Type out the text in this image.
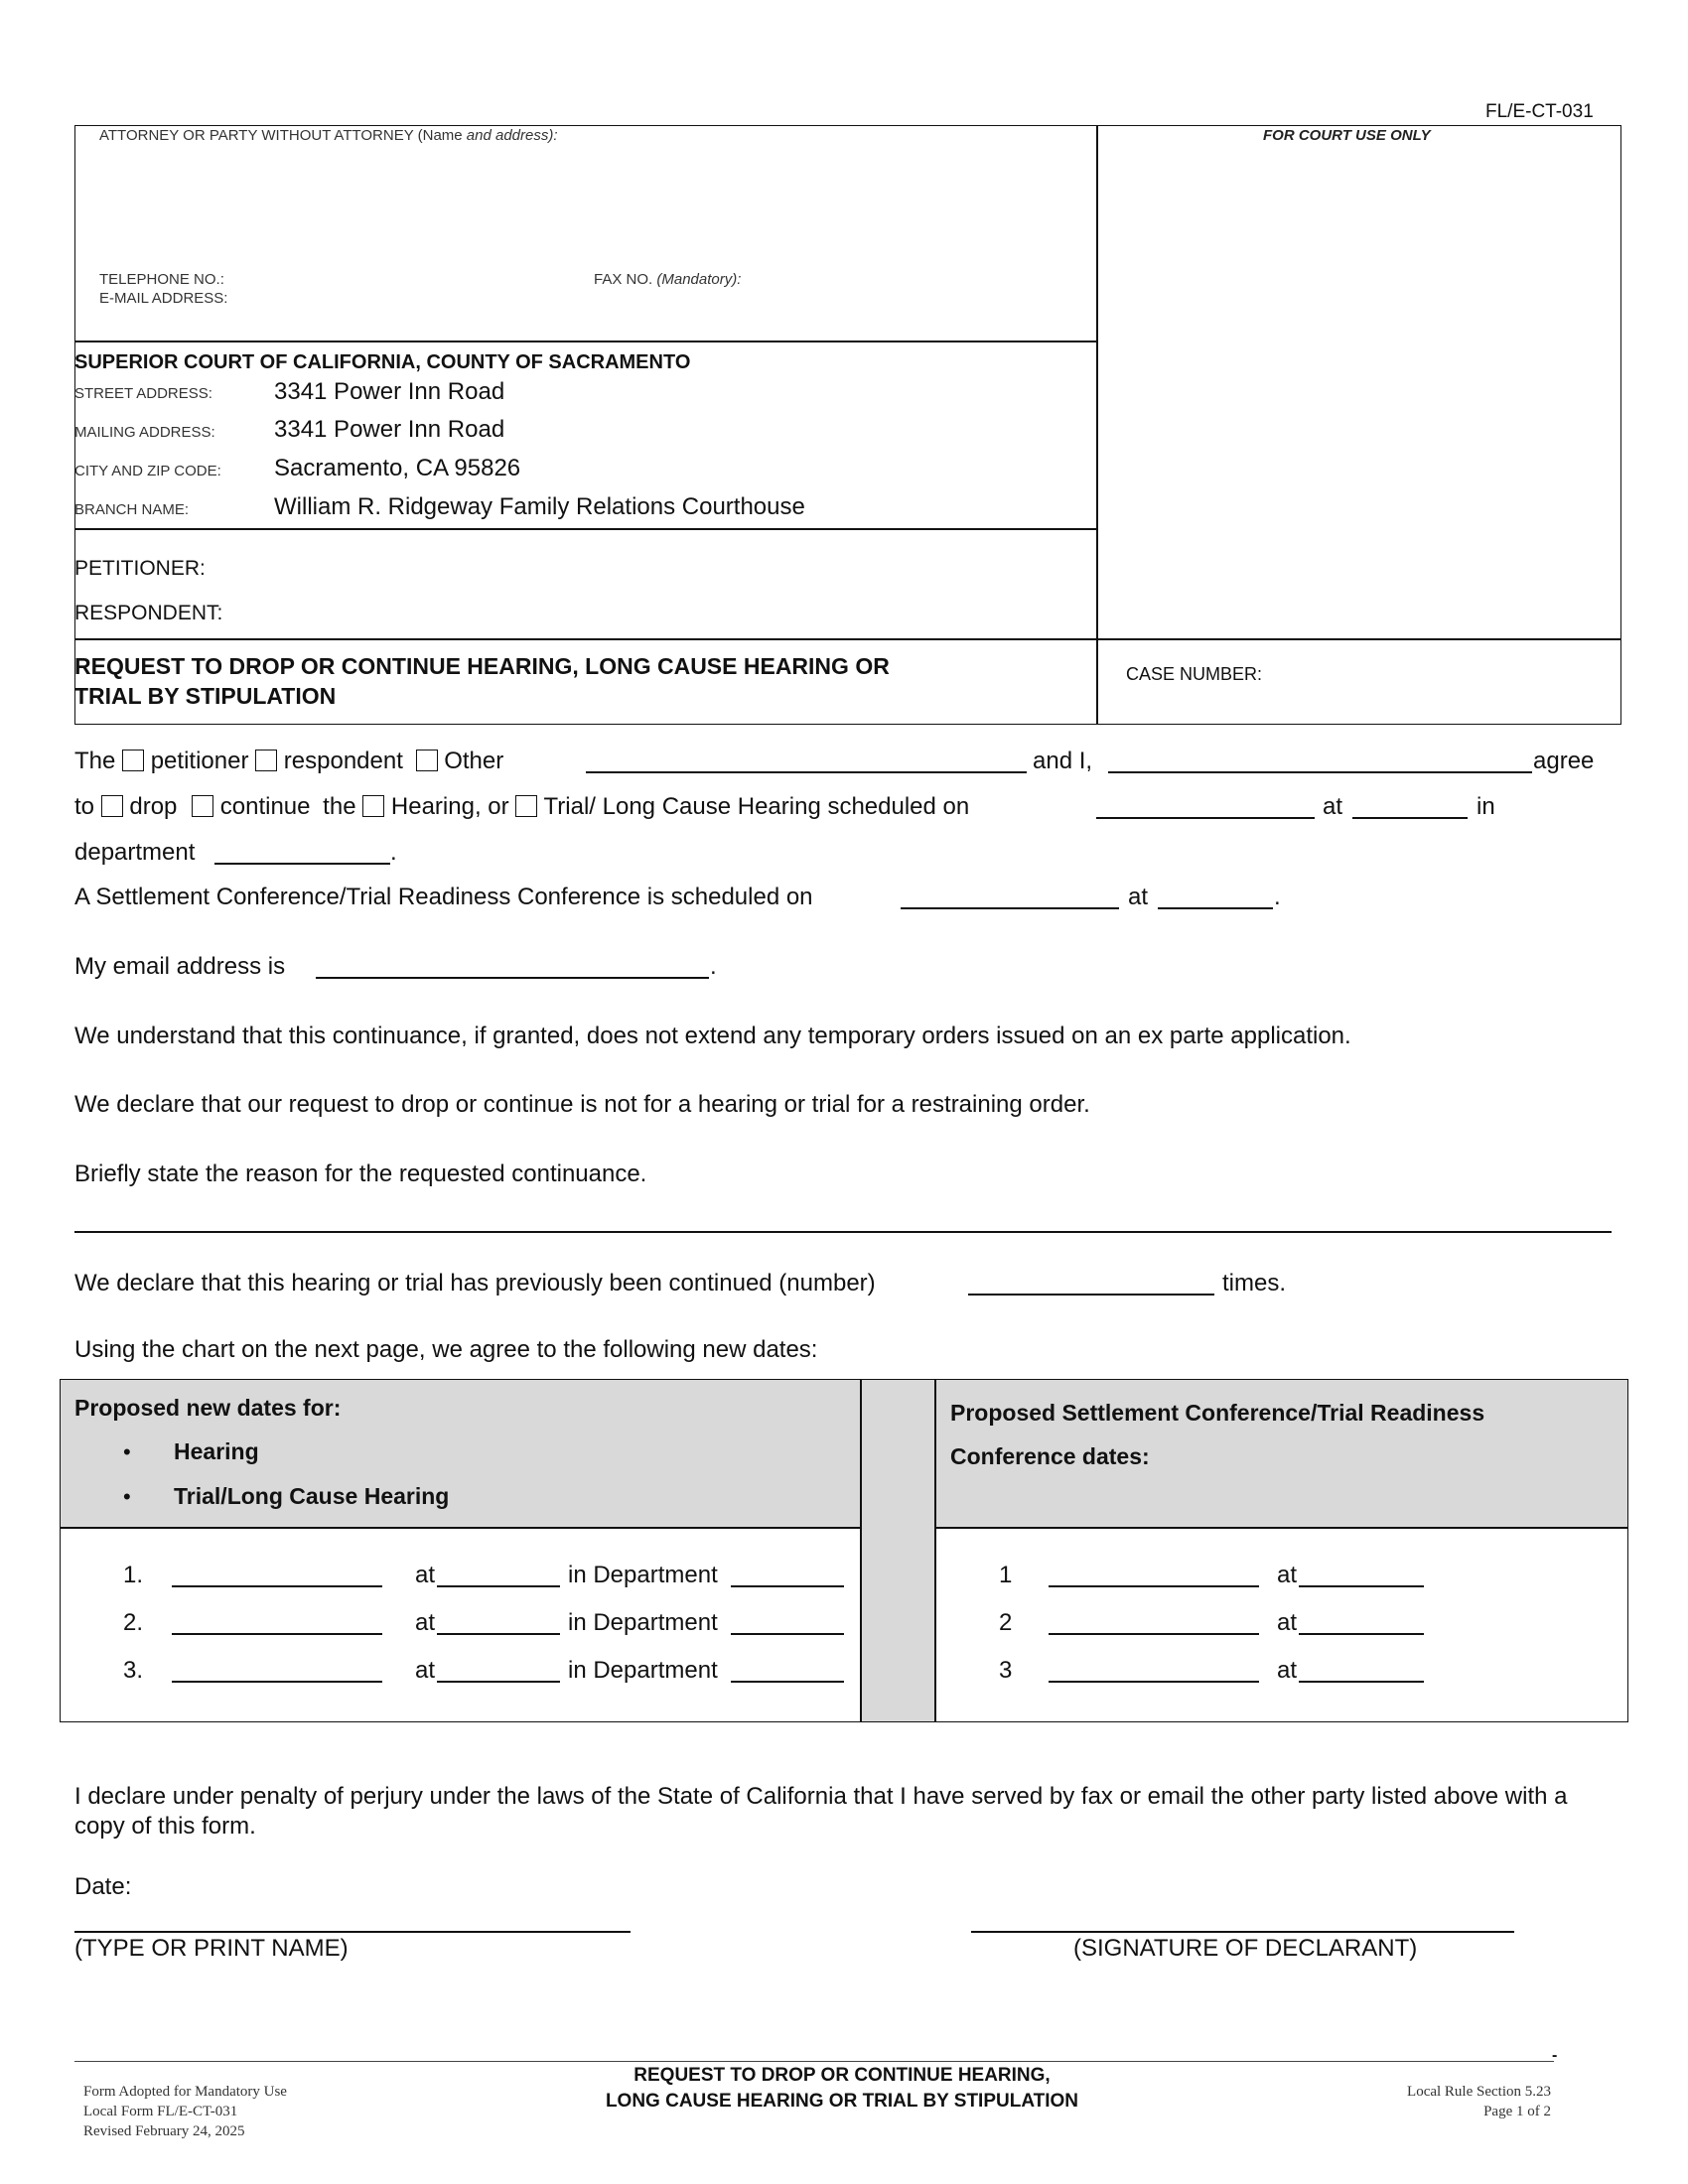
FL/E-CT-031
ATTORNEY OR PARTY WITHOUT ATTORNEY (Name and address):	FOR COURT USE ONLY
TELEPHONE NO.:
E-MAIL ADDRESS:
FAX NO. (Mandatory):
SUPERIOR COURT OF CALIFORNIA, COUNTY OF SACRAMENTO
STREET ADDRESS:	3341 Power Inn Road
MAILING ADDRESS: 3341 Power Inn Road
CITY AND ZIP CODE: Sacramento, CA 95826
BRANCH NAME:	William R. Ridgeway Family Relations Courthouse
PETITIONER:
RESPONDENT:
REQUEST TO DROP OR CONTINUE HEARING, LONG CAUSE HEARING OR
TRIAL BY STIPULATION
CASE NUMBER:
The petitioner respondent Other	and I,	agree
to drop continue the Hearing, or Trial/ Long Cause Hearing scheduled on	at	in
department	.
A Settlement Conference/Trial Readiness Conference is scheduled on	at	.
My email address is	.
We understand that this continuance, if granted, does not extend any temporary orders issued on an ex parte application.
We declare that our request to drop or continue is not for a hearing or trial for a restraining order.
Briefly state the reason for the requested continuance.
We declare that this hearing or trial has previously been continued (number)	times.
Using the chart on the next page, we agree to the following new dates:
Proposed new dates for:
• Hearing
• Trial/Long Cause Hearing
Proposed Settlement Conference/Trial Readiness
Conference dates:
1.	at	in Department
2.	at	in Department
3.	at	in Department
1	at
2	at
3	at
I declare under penalty of perjury under the laws of the State of California that I have served by fax or email the other party listed above with a copy of this form.
Date:
(TYPE OR PRINT NAME)	(SIGNATURE OF DECLARANT)
-
Form Adopted for Mandatory Use
Local Form FL/E-CT-031
Revised February 24, 2025
REQUEST TO DROP OR CONTINUE HEARING,
LONG CAUSE HEARING OR TRIAL BY STIPULATION	Local Rule Section 5.23
Page 1 of 2
